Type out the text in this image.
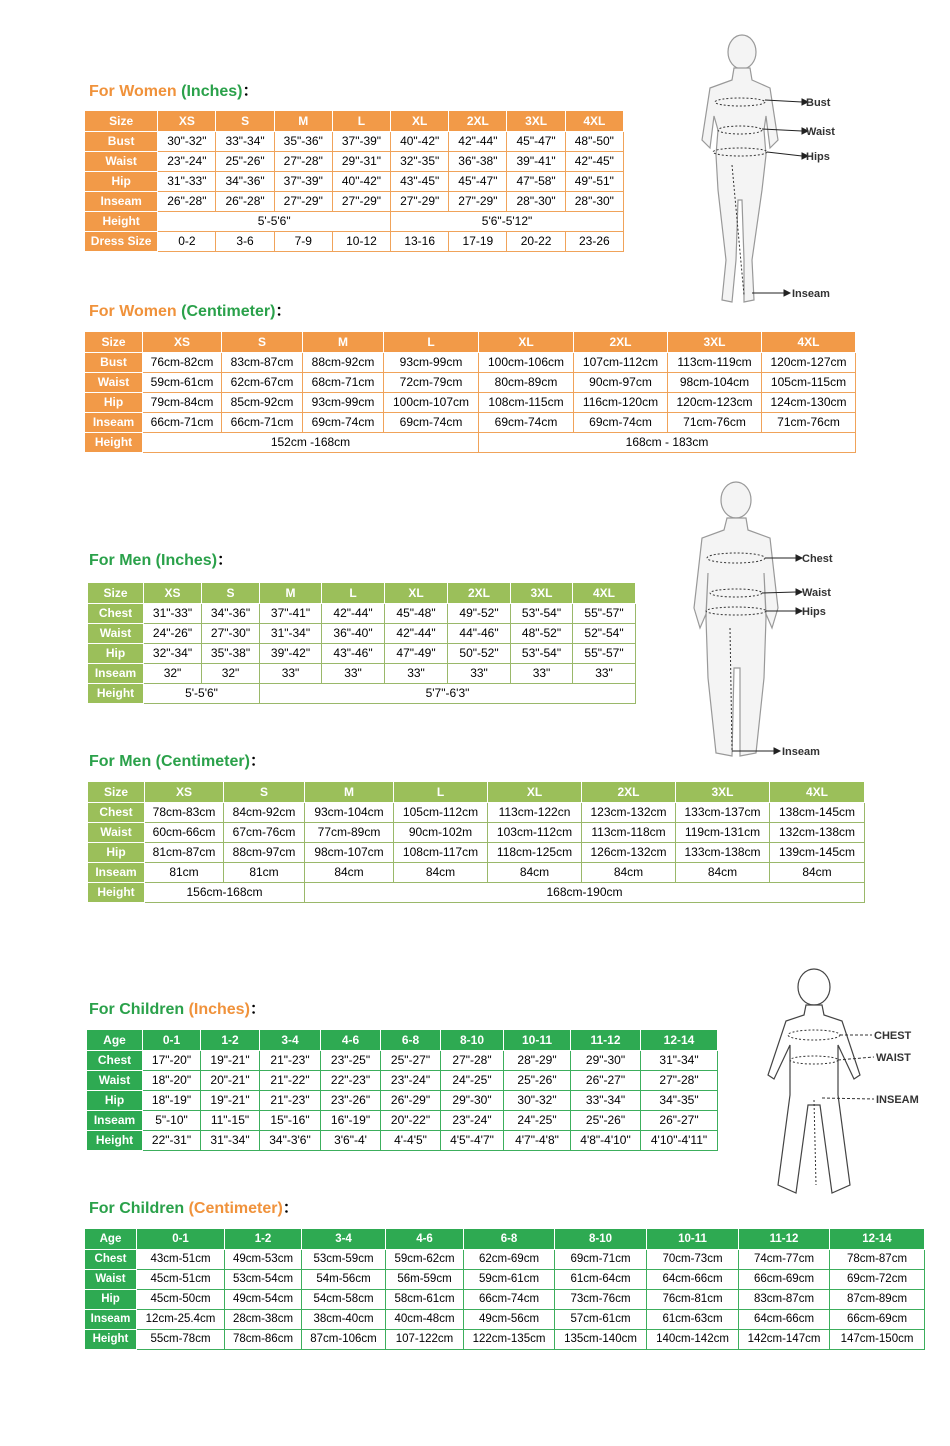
For Women (Inches)：
Size	XS	S	M	L	XL	2XL	3XL	4XL
Bust	30"-32"	33"-34"	35"-36"	37"-39"	40"-42"	42"-44"	45"-47"	48"-50"
Waist	23"-24"	25"-26"	27"-28"	29"-31"	32"-35"	36"-38"	39"-41"	42"-45"
Hip	31"-33"	34"-36"	37"-39"	40"-42"	43"-45"	45"-47"	47"-58"	49"-51"
Inseam	26"-28"	26"-28"	27"-29"	27"-29"	27"-29"	27"-29"	28"-30"	28"-30"
Height	5'-5'6"				5'6"-5'12"			
Dress Size	0-2	3-6	7-9	10-12	13-16	17-19	20-22	23-26
For Women (Centimeter)：
Size	XS	S	M	L	XL	2XL	3XL	4XL
Bust	76cm-82cm	83cm-87cm	88cm-92cm	93cm-99cm	100cm-106cm	107cm-112cm	113cm-119cm	120cm-127cm
Waist	59cm-61cm	62cm-67cm	68cm-71cm	72cm-79cm	80cm-89cm	90cm-97cm	98cm-104cm	105cm-115cm
Hip	79cm-84cm	85cm-92cm	93cm-99cm	100cm-107cm	108cm-115cm	116cm-120cm	120cm-123cm	124cm-130cm
Inseam	66cm-71cm	66cm-71cm	69cm-74cm	69cm-74cm	69cm-74cm	69cm-74cm	71cm-76cm	71cm-76cm
Height	152cm -168cm				168cm - 183cm			
For Men (Inches)：
Size	XS	S	M	L	XL	2XL	3XL	4XL
Chest	31"-33"	34"-36"	37"-41"	42"-44"	45"-48"	49"-52"	53"-54"	55"-57"
Waist	24"-26"	27"-30"	31"-34"	36"-40"	42"-44"	44"-46"	48"-52"	52"-54"
Hip	32"-34"	35"-38"	39"-42"	43"-46"	47"-49"	50"-52"	53"-54"	55"-57"
Inseam	32"	32"	33"	33"	33"	33"	33"	33"
Height	5'-5'6"		5'7"-6'3"					
For Men (Centimeter)：
Size	XS	S	M	L	XL	2XL	3XL	4XL
Chest	78cm-83cm	84cm-92cm	93cm-104cm	105cm-112cm	113cm-122cn	123cm-132cm	133cm-137cm	138cm-145cm
Waist	60cm-66cm	67cm-76cm	77cm-89cm	90cm-102m	103cm-112cm	113cm-118cm	119cm-131cm	132cm-138cm
Hip	81cm-87cm	88cm-97cm	98cm-107cm	108cm-117cm	118cm-125cm	126cm-132cm	133cm-138cm	139cm-145cm
Inseam	81cm	81cm	84cm	84cm	84cm	84cm	84cm	84cm
Height	156cm-168cm		168cm-190cm					
For Children (Inches)：
Age	0-1	1-2	3-4	4-6	6-8	8-10	10-11	11-12	12-14
Chest	17"-20"	19"-21"	21"-23"	23"-25"	25"-27"	27"-28"	28"-29"	29"-30"	31"-34"
Waist	18"-20"	20"-21"	21"-22"	22"-23"	23"-24"	24"-25"	25"-26"	26"-27"	27"-28"
Hip	18"-19"	19"-21"	21"-23"	23"-26"	26"-29"	29"-30"	30"-32"	33"-34"	34"-35"
Inseam	5"-10"	11"-15"	15"-16"	16"-19"	20"-22"	23"-24"	24"-25"	25"-26"	26"-27"
Height	22"-31"	31"-34"	34"-3'6"	3'6"-4'	4'-4'5"	4'5"-4'7"	4'7"-4'8"	4'8"-4'10"	4'10"-4'11"
For Children (Centimeter)：
Age	0-1	1-2	3-4	4-6	6-8	8-10	10-11	11-12	12-14
Chest	43cm-51cm	49cm-53cm	53cm-59cm	59cm-62cm	62cm-69cm	69cm-71cm	70cm-73cm	74cm-77cm	78cm-87cm
Waist	45cm-51cm	53cm-54cm	54m-56cm	56m-59cm	59cm-61cm	61cm-64cm	64cm-66cm	66cm-69cm	69cm-72cm
Hip	45cm-50cm	49cm-54cm	54cm-58cm	58cm-61cm	66cm-74cm	73cm-76cm	76cm-81cm	83cm-87cm	87cm-89cm
Inseam	12cm-25.4cm	28cm-38cm	38cm-40cm	40cm-48cm	49cm-56cm	57cm-61cm	61cm-63cm	64cm-66cm	66cm-69cm
Height	55cm-78cm	78cm-86cm	87cm-106cm	107-122cm	122cm-135cm	135cm-140cm	140cm-142cm	142cm-147cm	147cm-150cm
Bust
Waist
Hips
Inseam
Chest
Waist
Hips
Inseam
CHEST
WAIST
INSEAM
